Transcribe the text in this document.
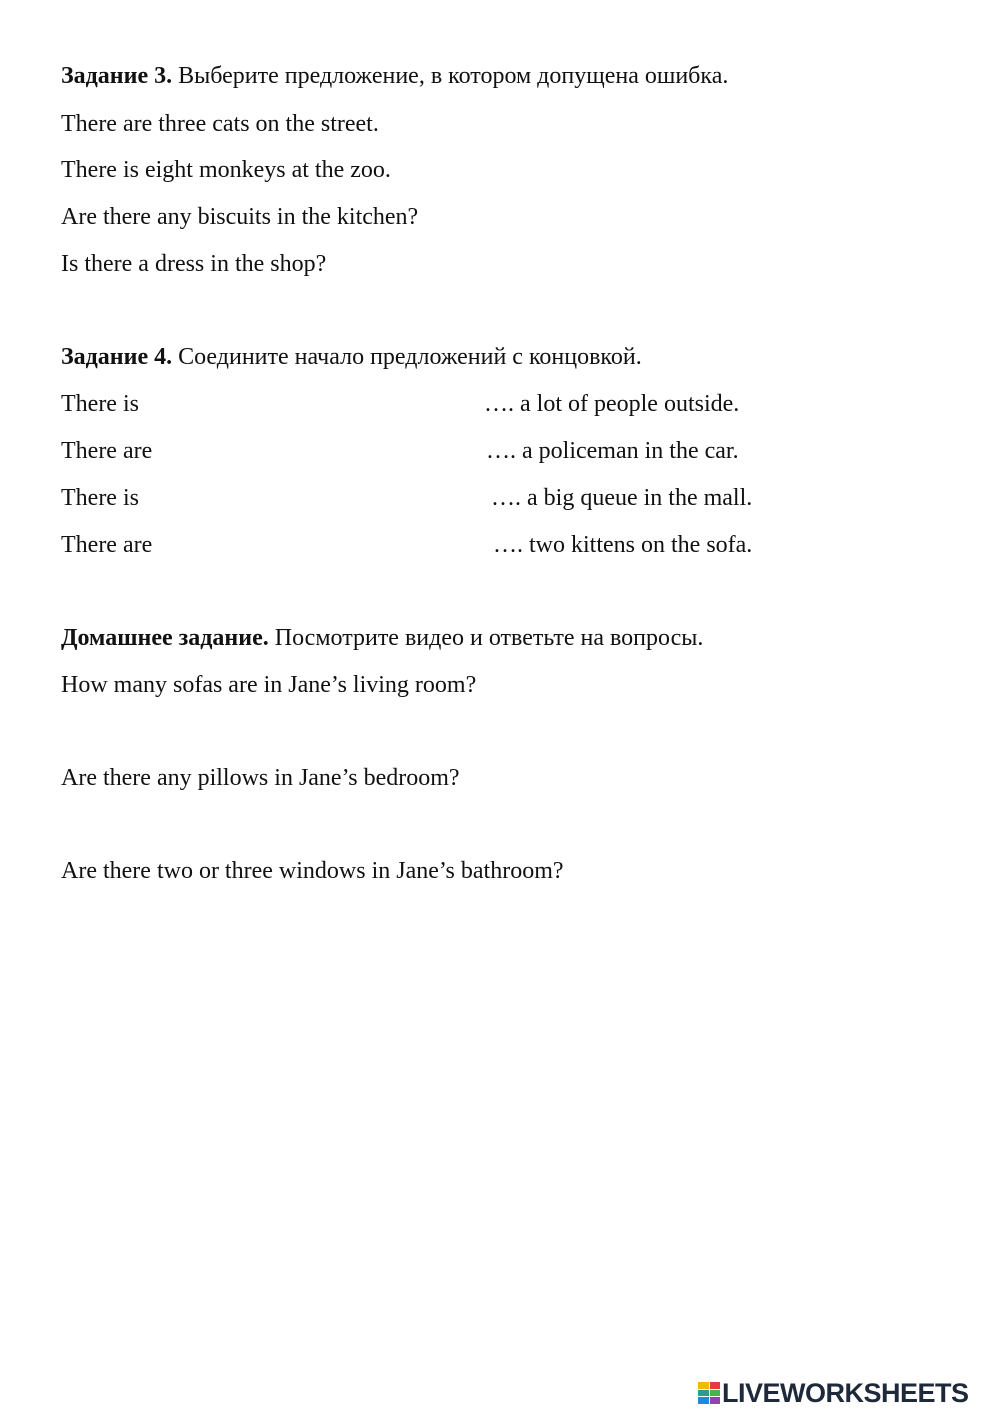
Задание 3. Выберите предложение, в котором допущена ошибка.
There are three cats on the street.
There is eight monkeys at the zoo.
Are there any biscuits in the kitchen?
Is there a dress in the shop?
Задание 4. Соедините начало предложений с концовкой.
There is
There are
There is
There are
…. a lot of people outside.
…. a policeman in the car.
…. a big queue in the mall.
…. two kittens on the sofa.
Домашнее задание. Посмотрите видео и ответьте на вопросы.
How many sofas are in Jane’s living room?
Are there any pillows in Jane’s bedroom?
Are there two or three windows in Jane’s bathroom?
LIVEWORKSHEETS
